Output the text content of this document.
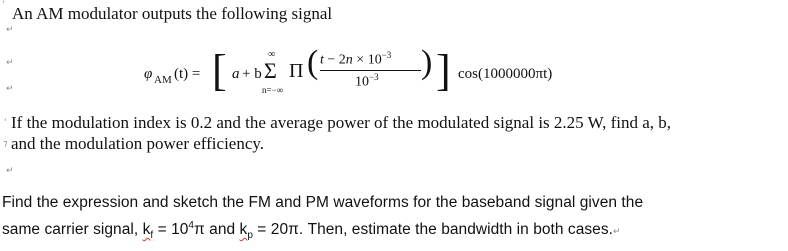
' An AM modulator outputs the following signal
↵
↵
↵
φ AM (t) = [ a + b
∞
Σ
n=−∞
Π ( $t - 2n \times 10^{-3}$
$10^{-3}$ ) ] cos(1000000πt)
' If the modulation index is 0.2 and the average power of the modulated signal is 2.25 W, find a, b,
⁊ and the modulation power efficiency.
↵
Find the expression and sketch the FM and PM waveforms for the baseband signal given the
same carrier signal, $k_f = 10^4\pi$ and $k_p = 20\pi$. Then, estimate the bandwidth in both cases.↵
